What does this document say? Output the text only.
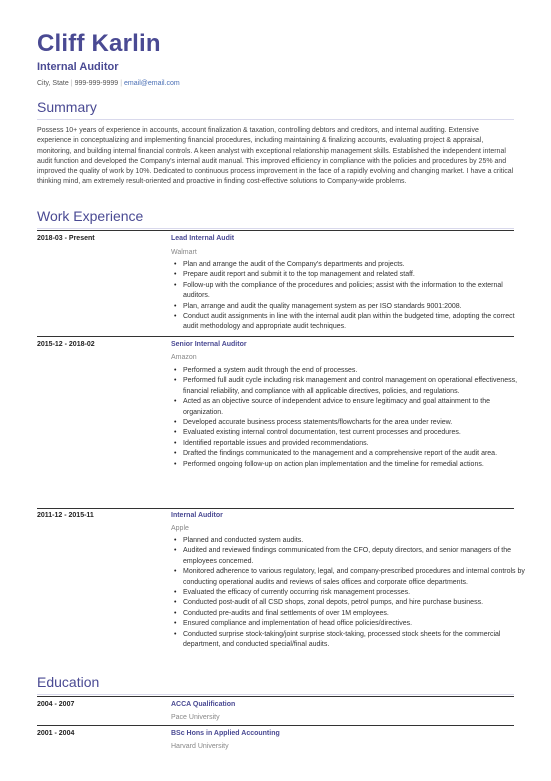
Cliff Karlin
Internal Auditor
City, State | 999-999-9999 | email@email.com
Summary

Possess 10+ years of experience in accounts, account finalization & taxation, controlling debtors and creditors, and internal auditing. Extensive experience in conceptualizing and implementing financial procedures, including maintaining & finalizing accounts, evaluating project & appraisal, monitoring, and building internal financial controls. A keen analyst with exceptional relationship management skills. Established the independent internal audit function and developed the Company's internal audit manual. This improved efficiency in compliance with the policies and procedures by 25% and improved the quality of work by 10%. Dedicated to continuous process improvement in the face of a rapidly evolving and changing market. I have a critical thinking mind, am extremely result-oriented and proactive in finding cost-effective solutions to Company-wide problems.

Work Experience
2018-03 - Present	Lead Internal Audit
Walmart
• Plan and arrange the audit of the Company's departments and projects.
• Prepare audit report and submit it to the top management and related staff.
• Follow-up with the compliance of the procedures and policies; assist with the information to the external auditors.
• Plan, arrange and audit the quality management system as per ISO standards 9001:2008.
• Conduct audit assignments in line with the internal audit plan within the budgeted time, adopting the correct audit methodology and appropriate audit techniques.
2015-12 - 2018-02	Senior Internal Auditor
Amazon
• Performed a system audit through the end of processes.
• Performed full audit cycle including risk management and control management on operational effectiveness, financial reliability, and compliance with all applicable directives, policies, and regulations.
• Acted as an objective source of independent advice to ensure legitimacy and goal attainment to the organization.
• Developed accurate business process statements/flowcharts for the area under review.
• Evaluated existing internal control documentation, test current processes and procedures.
• Identified reportable issues and provided recommendations.
• Drafted the findings communicated to the management and a comprehensive report of the audit area.
• Performed ongoing follow-up on action plan implementation and the timeline for remedial actions.
2011-12 - 2015-11	Internal Auditor
Apple
• Planned and conducted system audits.
• Audited and reviewed findings communicated from the CFO, deputy directors, and senior managers of the employees concerned.
• Monitored adherence to various regulatory, legal, and company-prescribed procedures and internal controls by conducting operational audits and reviews of sales offices and corporate office departments.
• Evaluated the efficacy of currently occurring risk management processes.
• Conducted post-audit of all CSD shops, zonal depots, petrol pumps, and hire purchase business.
• Conducted pre-audits and final settlements of over 1M employees.
• Ensured compliance and implementation of head office policies/directives.
• Conducted surprise stock-taking/joint surprise stock-taking, processed stock sheets for the commercial department, and conducted special/final audits.
Education
2004 - 2007	ACCA Qualification
Pace University
2001 - 2004	BSc Hons in Applied Accounting
Harvard University
